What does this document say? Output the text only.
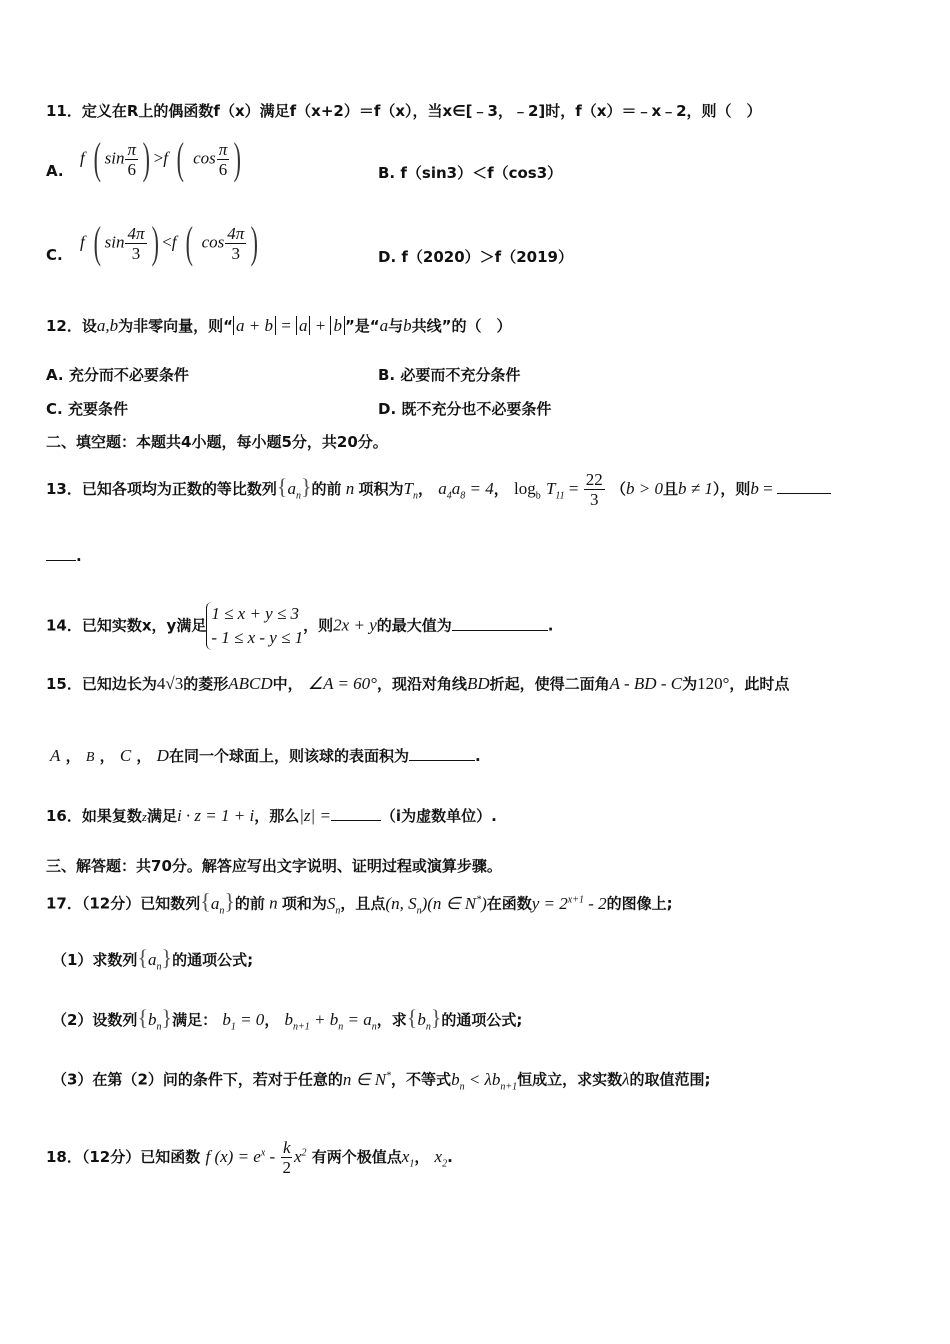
11．定义在R上的偶函数f（x）满足f（x+2）＝f（x），当x∈[﹣3，﹣2]时，f（x）＝﹣x﹣2，则（　）
A.
f ( $\sin \frac{\pi}{6}$ ) >f ( $\cos \frac{\pi}{6}$ )	B. f（sin3）＜f（cos3）
C.
f ( $\sin \frac{4\pi}{3}$ ) <f ( $\cos \frac{4\pi}{3}$ )	D. f（2020）＞f（2019）
12．设a,b为非零向量，则“ a + b = a + b ”是“a与b共线”的（　）
A. 充分而不必要条件	B. 必要而不充分条件
C. 充要条件	D. 既不充分也不必要条件
二、填空题：本题共4小题，每小题5分，共20分。
13．已知各项均为正数的等比数列$\{a_n\}$的前 n 项积为$T_n$， $a_4a_8 = 4$， $\log_b T_{11} = \frac{22}{3} (b > 0$且b ≠ 1），则b =
.
14．已知实数x，y满足1 ≤ x + y ≤ 3
- 1 ≤ x - y ≤ 1，则2x + y的最大值为	.
15．已知边长为4√3的菱形ABCD中， ∠A = 60°，现沿对角线BD折起，使得二面角A - BD - C为120°，此时点
A ， B ， C ， D在同一个球面上，则该球的表面积为	.
16．如果复数z满足i · z = 1 + i，那么|z| =	（i为虚数单位）.
三、解答题：共70分。解答应写出文字说明、证明过程或演算步骤。
17．（12分）已知数列$\{a_n\}$的前 n 项和为$S_n$，且点(n, $S_n)(n$ ∈ N*)在函数$y = 2^{x+1} - 2$的图像上;
（1）求数列$\{a_n\}$的通项公式;
（2）设数列$\{b_n\}$满足： $b_1 = 0$， $b_{n+1} + b_n = a_n$，求$\{b_n\}$的通项公式;
（3）在第（2）问的条件下，若对于任意的n ∈ N*，不等式$b_n < \lambda b_{n+1}$恒成立，求实数λ的取值范围;
18．（12分）已知函数 f $(x) = e^x - \frac{k}{2} x^2$ 有两个极值点$x_1$， $x_2$.
